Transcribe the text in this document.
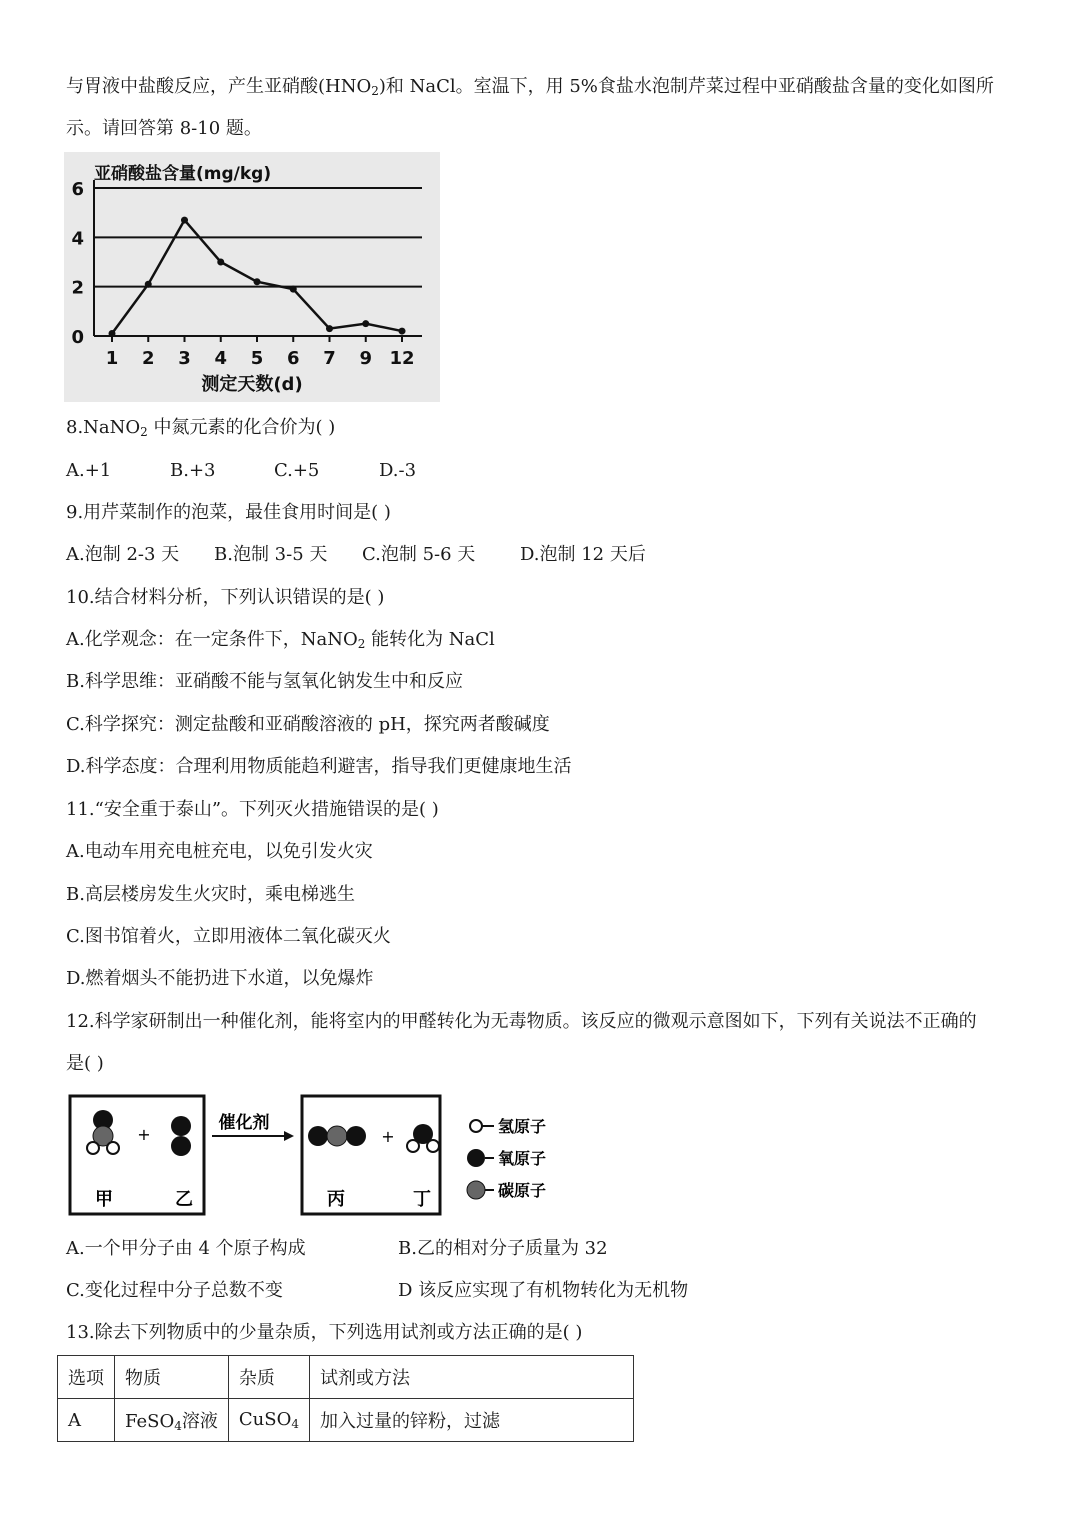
与胃液中盐酸反应，产生亚硝酸$(HNO_2)$和 NaCl。室温下，用 5%食盐水泡制芹菜过程中亚硝酸盐含量的变化如图所
示。请回答第 8-10 题。
0
2
4
6
1 2 3 4 5 6 7 9 12
亚硝酸盐含量(mg/kg)
测定天数(d)
8.NaNO$_2$ 中氮元素的化合价为( )
A.+1	B.+3	C.+5	D.-3
9.用芹菜制作的泡菜，最佳食用时间是( )
A.泡制 2-3 天 B.泡制 3-5 天 C.泡制 5-6 天 D.泡制 12 天后
10.结合材料分析，下列认识错误的是( )
A.化学观念：在一定条件下，NaNO$_2$ 能转化为 NaCl
B.科学思维：亚硝酸不能与氢氧化钠发生中和反应
C.科学探究：测定盐酸和亚硝酸溶液的 pH，探究两者酸碱度
D.科学态度：合理利用物质能趋利避害，指导我们更健康地生活
11.“安全重于泰山”。下列灭火措施错误的是( )
A.电动车用充电桩充电，以免引发火灾
B.高层楼房发生火灾时，乘电梯逃生
C.图书馆着火，立即用液体二氧化碳灭火
D.燃着烟头不能扔进下水道，以免爆炸
12.科学家研制出一种催化剂，能将室内的甲醛转化为无毒物质。该反应的微观示意图如下，下列有关说法不正确的
是( )
+
甲	乙
催化剂
+
丙	丁
氢原子
氧原子
碳原子
A.一个甲分子由 4 个原子构成	B.乙的相对分子质量为 32
C.变化过程中分子总数不变	D 该反应实现了有机物转化为无机物
13.除去下列物质中的少量杂质，下列选用试剂或方法正确的是( )
选项	物质	杂质	试剂或方法
A	FeSO$_4$溶液	CuSO$_4$	加入过量的锌粉，过滤
